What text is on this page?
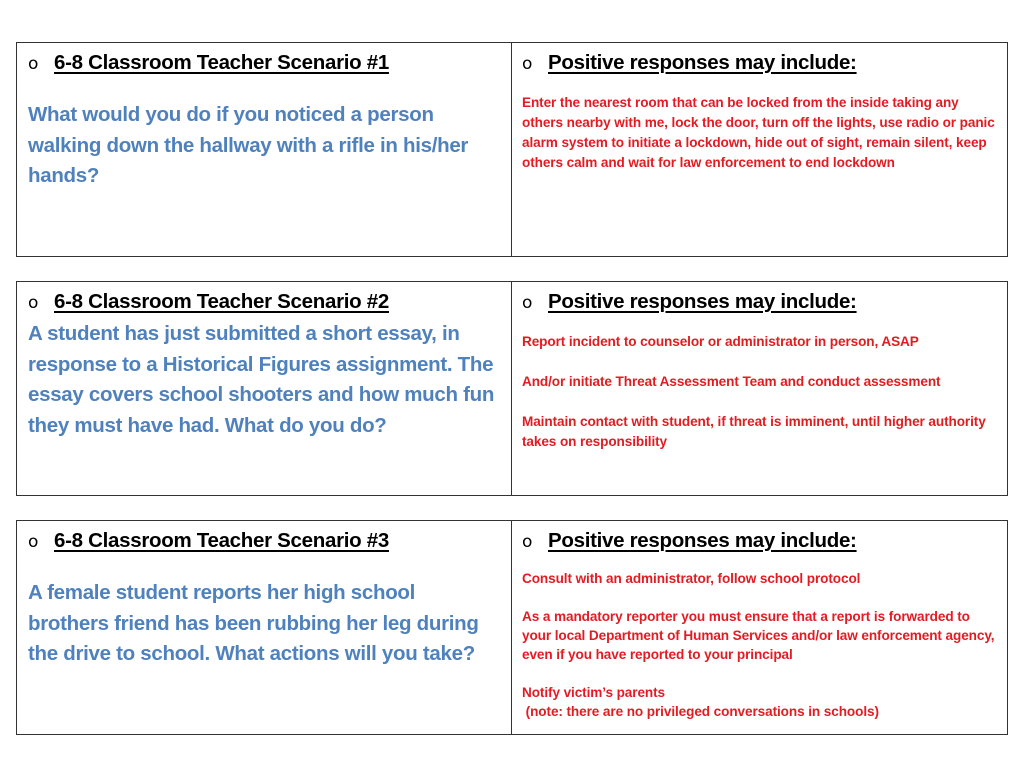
o 6-8 Classroom Teacher Scenario #1

What would you do if you noticed a person walking down the hallway with a rifle in his/her hands?

o Positive responses may include:

Enter the nearest room that can be locked from the inside taking any others nearby with me, lock the door, turn off the lights, use radio or panic alarm system to initiate a lockdown, hide out of sight, remain silent, keep others calm and wait for law enforcement to end lockdown

o 6-8 Classroom Teacher Scenario #2

A student has just submitted a short essay, in response to a Historical Figures assignment. The essay covers school shooters and how much fun they must have had. What do you do?

o Positive responses may include:

Report incident to counselor or administrator in person, ASAP

And/or initiate Threat Assessment Team and conduct assessment

Maintain contact with student, if threat is imminent, until higher authority takes on responsibility

o 6-8 Classroom Teacher Scenario #3

A female student reports her high school brothers friend has been rubbing her leg during the drive to school. What actions will you take?

o Positive responses may include:

Consult with an administrator, follow school protocol

As a mandatory reporter you must ensure that a report is forwarded to your local Department of Human Services and/or law enforcement agency, even if you have reported to your principal

Notify victim’s parents

(note: there are no privileged conversations in schools)
